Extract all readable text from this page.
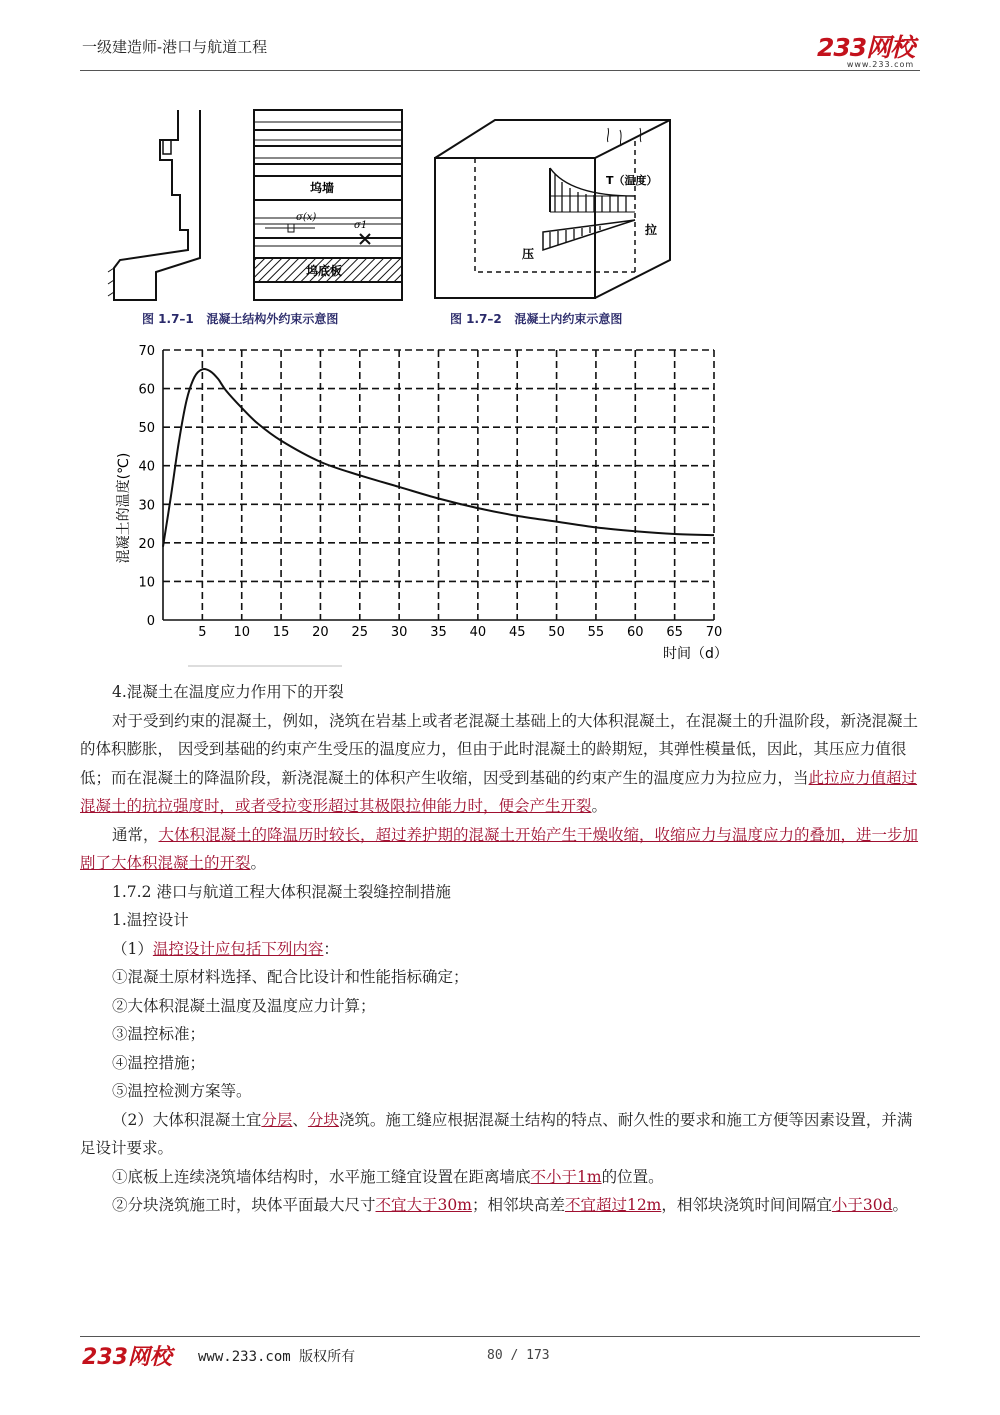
一级建造师-港口与航道工程	233网校
www.233.com
坞墙
坞底板
σ(x)
σ1
T（温度）
拉
压
图 1.7–1   混凝土结构外约束示意图	图 1.7–2   混凝土内约束示意图
0
10
20
30
40
50
60
70
5 10 15 20 25 30 35 40 45 50 55 60 65 70
混凝土的温度(℃)
时间（d）

4.混凝土在温度应力作用下的开裂

对于受到约束的混凝土，例如，浇筑在岩基上或者老混凝土基础上的大体积混凝土，在混凝土的升温阶段，新浇混凝土的体积膨胀， 因受到基础的约束产生受压的温度应力，但由于此时混凝土的龄期短，其弹性模量低，因此，其压应力值很低；而在混凝土的降温阶段，新浇混凝土的体积产生收缩，因受到基础的约束产生的温度应力为拉应力，当此拉应力值超过混凝土的抗拉强度时，或者受拉变形超过其极限拉伸能力时，便会产生开裂。

通常，大体积混凝土的降温历时较长，超过养护期的混凝土开始产生干燥收缩，收缩应力与温度应力的叠加，进一步加剧了大体积混凝土的开裂。

1.7.2 港口与航道工程大体积混凝土裂缝控制措施

1.温控设计

（1）温控设计应包括下列内容：

①混凝土原材料选择、配合比设计和性能指标确定；

②大体积混凝土温度及温度应力计算；

③温控标准；

④温控措施；

⑤温控检测方案等。

（2）大体积混凝土宜分层、分块浇筑。施工缝应根据混凝土结构的特点、耐久性的要求和施工方便等因素设置，并满足设计要求。

①底板上连续浇筑墙体结构时，水平施工缝宜设置在距离墙底不小于1m的位置。

②分块浇筑施工时，块体平面最大尺寸不宜大于30m；相邻块高差不宜超过12m，相邻块浇筑时间间隔宜小于30d。

233网校 www.233.com 版权所有	80 / 173
